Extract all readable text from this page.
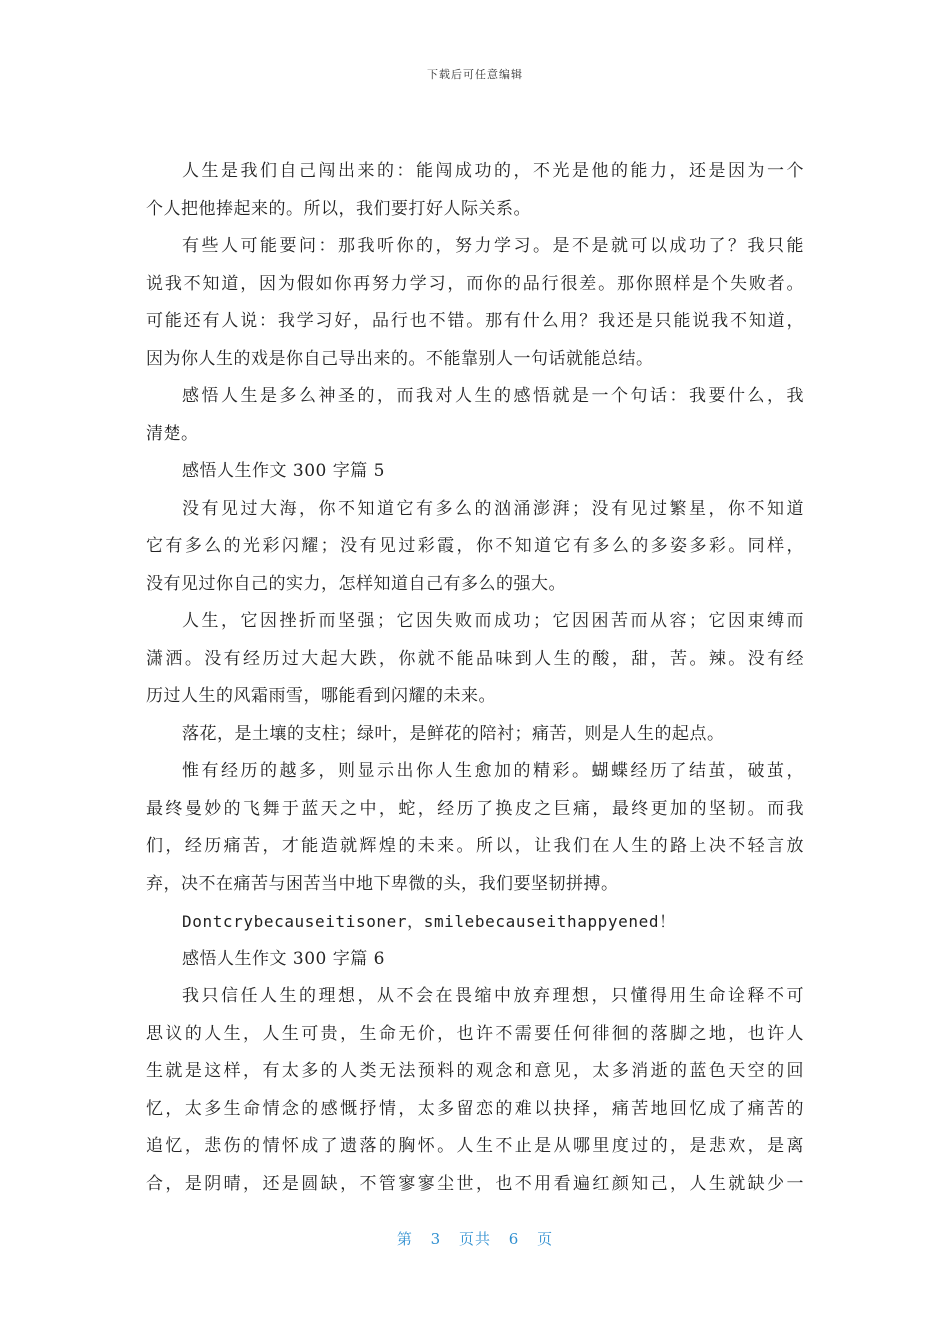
下载后可任意编辑
人生是我们自己闯出来的：能闯成功的，不光是他的能力，还是因为一个
个人把他捧起来的。所以，我们要打好人际关系。
有些人可能要问：那我听你的，努力学习。是不是就可以成功了？我只能
说我不知道，因为假如你再努力学习，而你的品行很差。那你照样是个失败者。
可能还有人说：我学习好，品行也不错。那有什么用？我还是只能说我不知道，
因为你人生的戏是你自己导出来的。不能靠别人一句话就能总结。
感悟人生是多么神圣的，而我对人生的感悟就是一个句话：我要什么，我
清楚。
感悟人生作文 300 字篇 5
没有见过大海，你不知道它有多么的汹涌澎湃；没有见过繁星，你不知道
它有多么的光彩闪耀；没有见过彩霞，你不知道它有多么的多姿多彩。同样，
没有见过你自己的实力，怎样知道自己有多么的强大。
人生，它因挫折而坚强；它因失败而成功；它因困苦而从容；它因束缚而
潇洒。没有经历过大起大跌，你就不能品味到人生的酸，甜，苦。辣。没有经
历过人生的风霜雨雪，哪能看到闪耀的未来。
落花，是土壤的支柱；绿叶，是鲜花的陪衬；痛苦，则是人生的起点。
惟有经历的越多，则显示出你人生愈加的精彩。蝴蝶经历了结茧，破茧，
最终曼妙的飞舞于蓝天之中，蛇，经历了换皮之巨痛，最终更加的坚韧。而我
们，经历痛苦，才能造就辉煌的未来。所以，让我们在人生的路上决不轻言放
弃，决不在痛苦与困苦当中地下卑微的头，我们要坚韧拼搏。
Dontcrybecauseitisoner，smilebecauseithappyened！
感悟人生作文 300 字篇 6
我只信任人生的理想，从不会在畏缩中放弃理想，只懂得用生命诠释不可
思议的人生，人生可贵，生命无价，也许不需要任何徘徊的落脚之地，也许人
生就是这样，有太多的人类无法预料的观念和意见，太多消逝的蓝色天空的回
忆，太多生命情念的感慨抒情，太多留恋的难以抉择，痛苦地回忆成了痛苦的
追忆，悲伤的情怀成了遗落的胸怀。人生不止是从哪里度过的，是悲欢，是离
合，是阴晴，还是圆缺，不管寥寥尘世，也不用看遍红颜知己，人生就缺少一
第 3 页共 6 页
